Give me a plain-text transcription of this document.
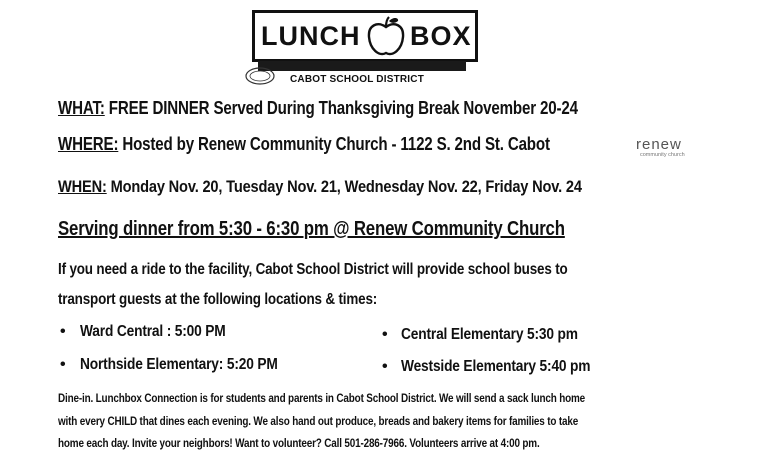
LUNCH BOX
CABOT SCHOOL DISTRICT
WHAT: FREE DINNER Served During Thanksgiving Break November 20-24
WHERE: Hosted by Renew Community Church - 1122 S. 2nd St. Cabot	renew
community church
WHEN: Monday Nov. 20, Tuesday Nov. 21, Wednesday Nov. 22, Friday Nov. 24
Serving dinner from 5:30 - 6:30 pm @ Renew Community Church
If you need a ride to the facility, Cabot School District will provide school buses to
transport guests at the following locations & times:
• Ward Central : 5:00 PM	• Central Elementary 5:30 pm
• Northside Elementary: 5:20 PM	• Westside Elementary 5:40 pm
Dine-in. Lunchbox Connection is for students and parents in Cabot School District. We will send a sack lunch home
with every CHILD that dines each evening. We also hand out produce, breads and bakery items for families to take
home each day. Invite your neighbors! Want to volunteer? Call 501-286-7966. Volunteers arrive at 4:00 pm.
